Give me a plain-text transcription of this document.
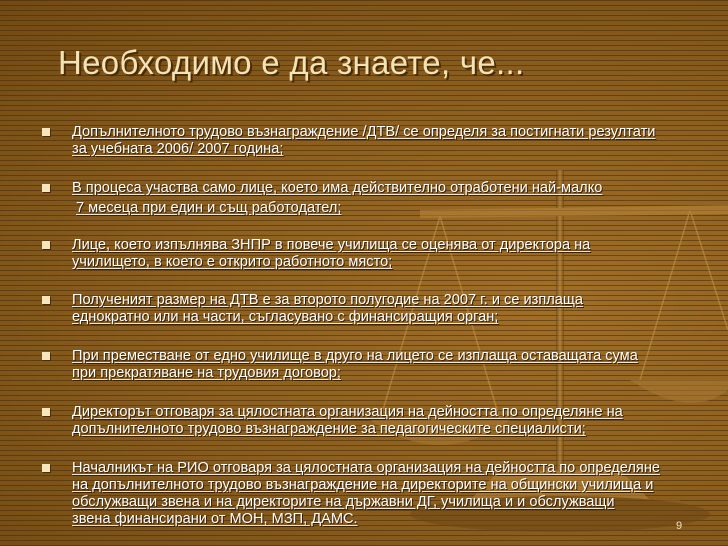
Необходимо е да знаете, че...
Допълнителното трудово възнаграждение /ДТВ/ се определя за постигнати резултати
за учебната 2006/ 2007 година;
В процеса участва само лице, което има действително отработени най-малко
7 месеца при един и същ работодател;
Лице, което изпълнява ЗНПР в повече училища се оценява от директора на
училището, в което е открито работното място;
Полученият размер на ДТВ е за второто полугодие на 2007 г. и се изплаща
еднократно или на части, съгласувано с финансиращия орган;
При преместване от едно училище в друго на лицето се изплаща оставащата сума
при прекратяване на трудовия договор;
Директорът отговаря за цялостната организация на дейността по определяне на
допълнителното трудово възнаграждение за педагогическите специалисти;
Началникът на РИО отговаря за цялостната организация на дейността по определяне
на допълнителното трудово възнаграждение на директорите на общински училища и
обслужващи звена и на директорите на държавни ДГ, училища и и обслужващи
звена финансирани от МОН, МЗП, ДАМС.	9
